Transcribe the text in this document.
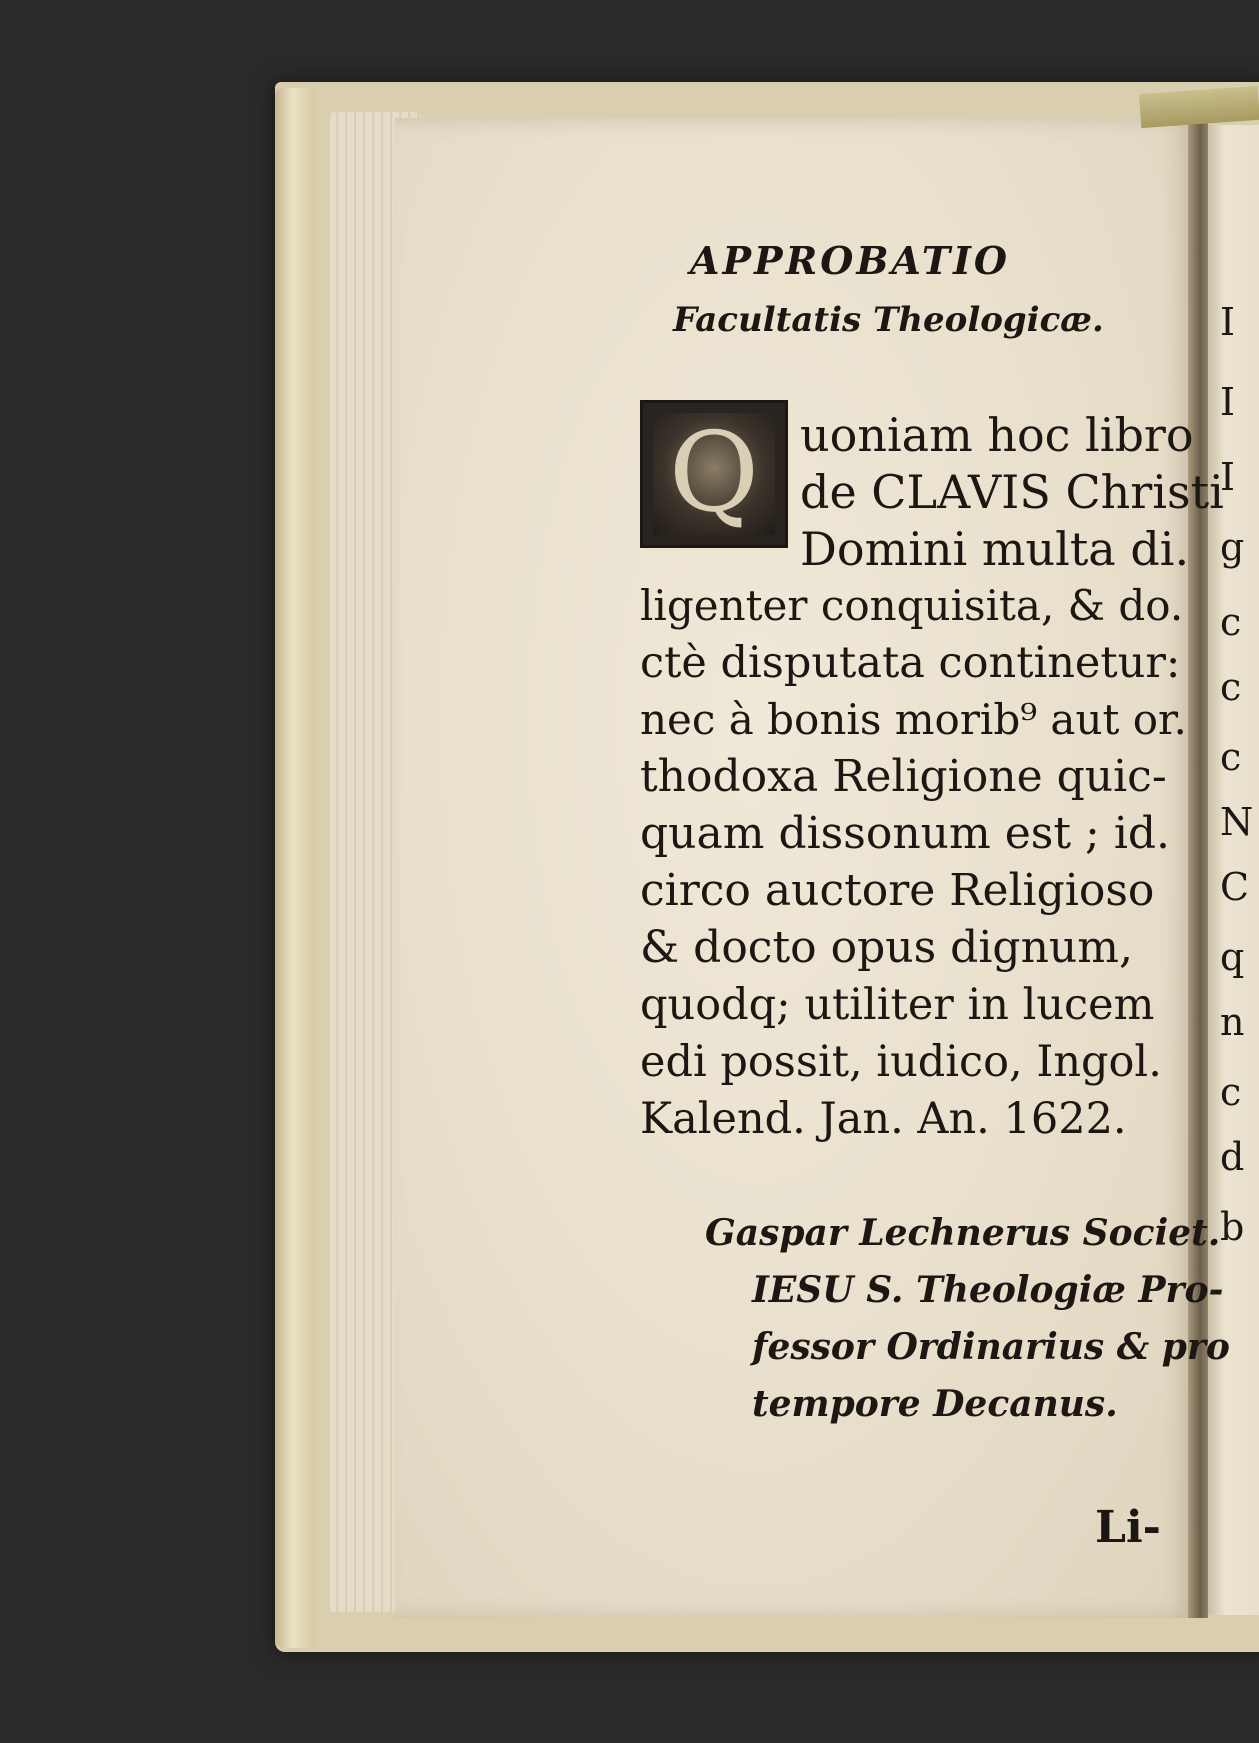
I
I
I
g
c
c
c
N
C
q
n
c
d
b
APPROBATIO
Facultatis Theologicæ.
Q uoniam hoc libro
de CLAVIS Christi
Domini multa di.
ligenter conquisita, & do.
ctè disputata continetur:
nec à bonis morib⁹ aut or.
thodoxa Religione quic-
quam dissonum est ; id.
circo auctore Religioso
& docto opus dignum,
quodq; utiliter in lucem
edi possit, iudico, Ingol.
Kalend. Jan. An. 1622.
Gaspar Lechnerus Societ.
IESU S. Theologiæ Pro-
fessor Ordinarius & pro
tempore Decanus.
Li-
